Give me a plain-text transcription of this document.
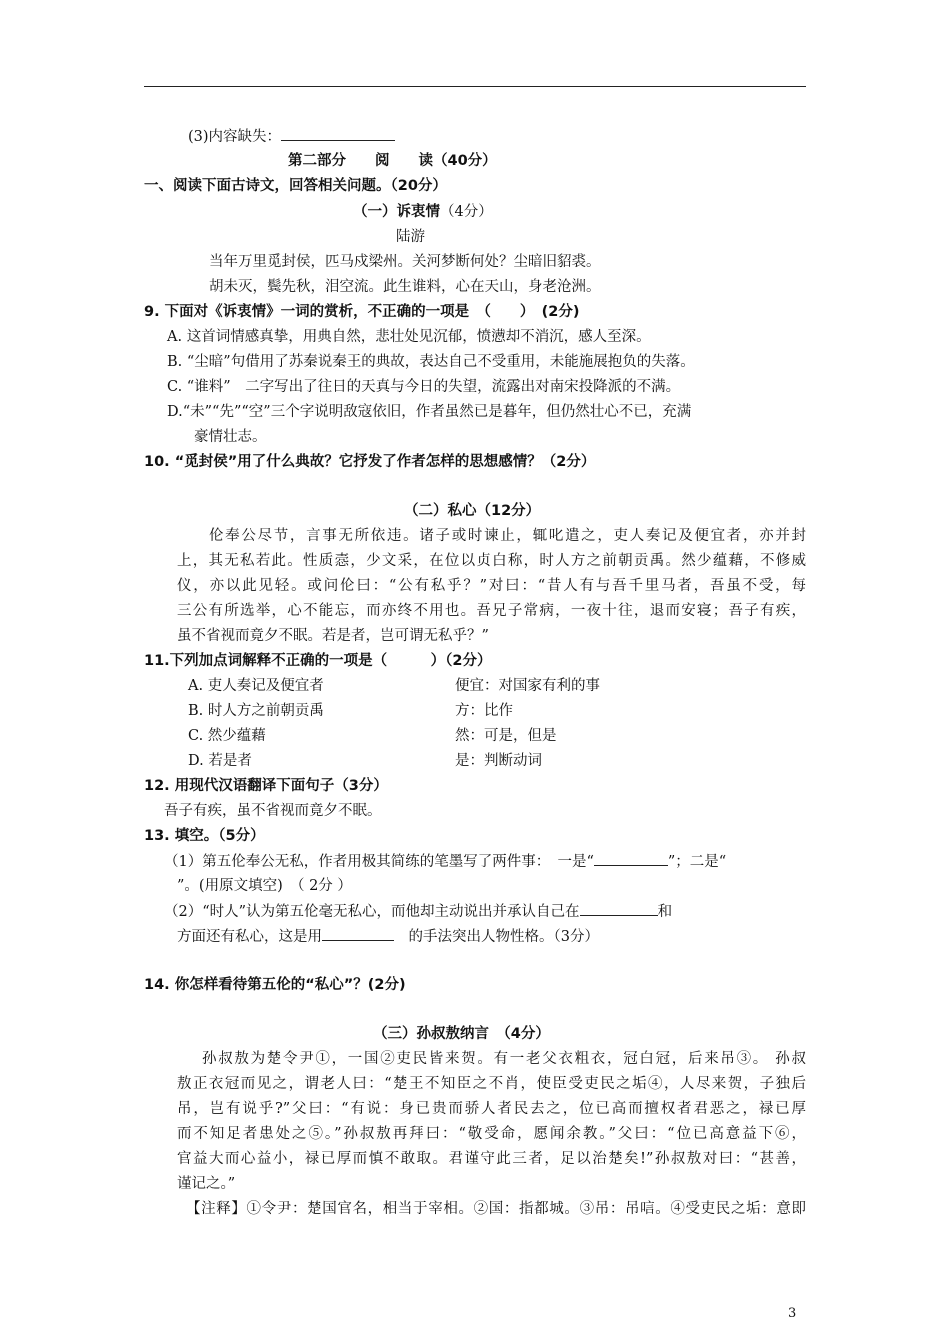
(3)内容缺失：
第二部分　　阅　　读（40分）
一、阅读下面古诗文，回答相关问题。（20分）
（一）诉衷情（4分）
陆游
当年万里觅封侯，匹马戍梁州。关河梦断何处？尘暗旧貂裘。
胡未灭，鬓先秋，泪空流。此生谁料，心在天山，身老沧洲。
9. 下面对《诉衷情》一词的赏析，不正确的一项是　（　　）　(2分)
A. 这首词情感真挚，用典自然，悲壮处见沉郁，愤懑却不消沉，感人至深。
B. “尘暗”句借用了苏秦说秦王的典故，表达自己不受重用，未能施展抱负的失落。
C. “谁料”　二字写出了往日的天真与今日的失望，流露出对南宋投降派的不满。
D.“未”“先”“空”三个字说明敌寇依旧，作者虽然已是暮年，但仍然壮心不已，充满
豪情壮志。
10. “觅封侯”用了什么典故？它抒发了作者怎样的思想感情？（2分）
（二）私心（12分）
伦奉公尽节，言事无所依违。诸子或时谏止，辄叱遣之，吏人奏记及便宜者，亦并封
上，其无私若此。性质悫，少文采，在位以贞白称，时人方之前朝贡禹。然少蕴藉，不修威
仪，亦以此见轻。或问伦曰：“公有私乎？”对曰：“昔人有与吾千里马者，吾虽不受，每
三公有所选举，心不能忘，而亦终不用也。吾兄子常病，一夜十往，退而安寝；吾子有疾，
虽不省视而竟夕不眠。若是者，岂可谓无私乎？”
11.下列加点词解释不正确的一项是（　　　）（2分）
A. 吏人奏记及便宜者	便宜：对国家有利的事
B. 时人方之前朝贡禹	方：比作
C. 然少蕴藉	然：可是，但是
D. 若是者	是：判断动词
12. 用现代汉语翻译下面句子（3分）
吾子有疾，虽不省视而竟夕不眠。
13. 填空。（5分）
（1）第五伦奉公无私，作者用极其简练的笔墨写了两件事：　一是“	”；二是“
”。(用原文填空)　（ 2分 ）
（2）“时人”认为第五伦毫无私心，而他却主动说出并承认自己在	和
方面还有私心，这是用	　的手法突出人物性格。（3分）
14. 你怎样看待第五伦的“私心”？(2分)
（三）孙叔敖纳言　（4分）
孙叔敖为楚令尹①，一国②吏民皆来贺。有一老父衣粗衣，冠白冠，后来吊③。 孙叔
敖正衣冠而见之，谓老人曰：“楚王不知臣之不肖，使臣受吏民之垢④，人尽来贺，子独后
吊，岂有说乎?”父曰：“有说：身已贵而骄人者民去之，位已高而擅权者君恶之，禄已厚
而不知足者患处之⑤。”孙叔敖再拜曰：“敬受命，愿闻余教。”父曰：“位已高意益下⑥，
官益大而心益小，禄已厚而慎不敢取。君谨守此三者，足以治楚矣!”孙叔敖对曰：“甚善，
谨记之。”
【注释】①令尹：楚国官名，相当于宰相。②国：指都城。③吊：吊唁。④受吏民之垢：意即
3
